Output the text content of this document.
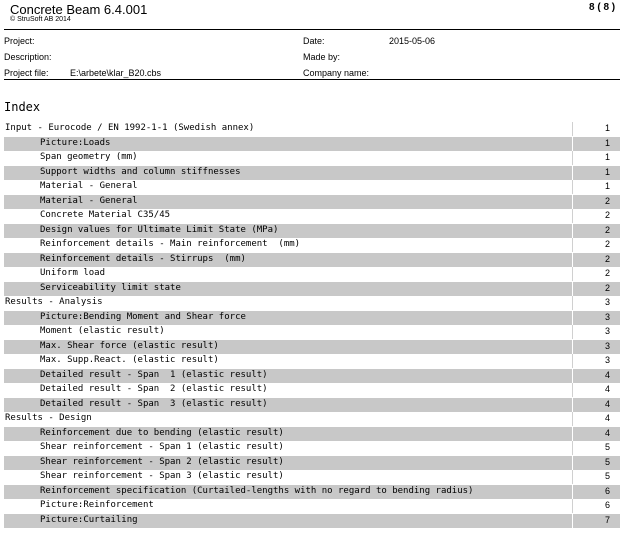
Concrete Beam 6.4.001
© StruSoft AB 2014
8 ( 8 )
Project:
Description:
Project file: E:\arbete\klar_B20.cbs
Date:	2015-05-06
Made by:
Company name:
Index
Input - Eurocode / EN 1992-1-1 (Swedish annex)	1
Picture:Loads	1
Span geometry (mm)	1
Support widths and column stiffnesses	1
Material - General	1
Material - General	2
Concrete Material C35/45	2
Design values for Ultimate Limit State (MPa)	2
Reinforcement details - Main reinforcement  (mm)	2
Reinforcement details - Stirrups  (mm)	2
Uniform load	2
Serviceability limit state	2
Results - Analysis	3
Picture:Bending Moment and Shear force	3
Moment (elastic result)	3
Max. Shear force (elastic result)	3
Max. Supp.React. (elastic result)	3
Detailed result - Span  1 (elastic result)	4
Detailed result - Span  2 (elastic result)	4
Detailed result - Span  3 (elastic result)	4
Results - Design	4
Reinforcement due to bending (elastic result)	4
Shear reinforcement - Span 1 (elastic result)	5
Shear reinforcement - Span 2 (elastic result)	5
Shear reinforcement - Span 3 (elastic result)	5
Reinforcement specification (Curtailed-lengths with no regard to bending radius)	6
Picture:Reinforcement	6
Picture:Curtailing	7
